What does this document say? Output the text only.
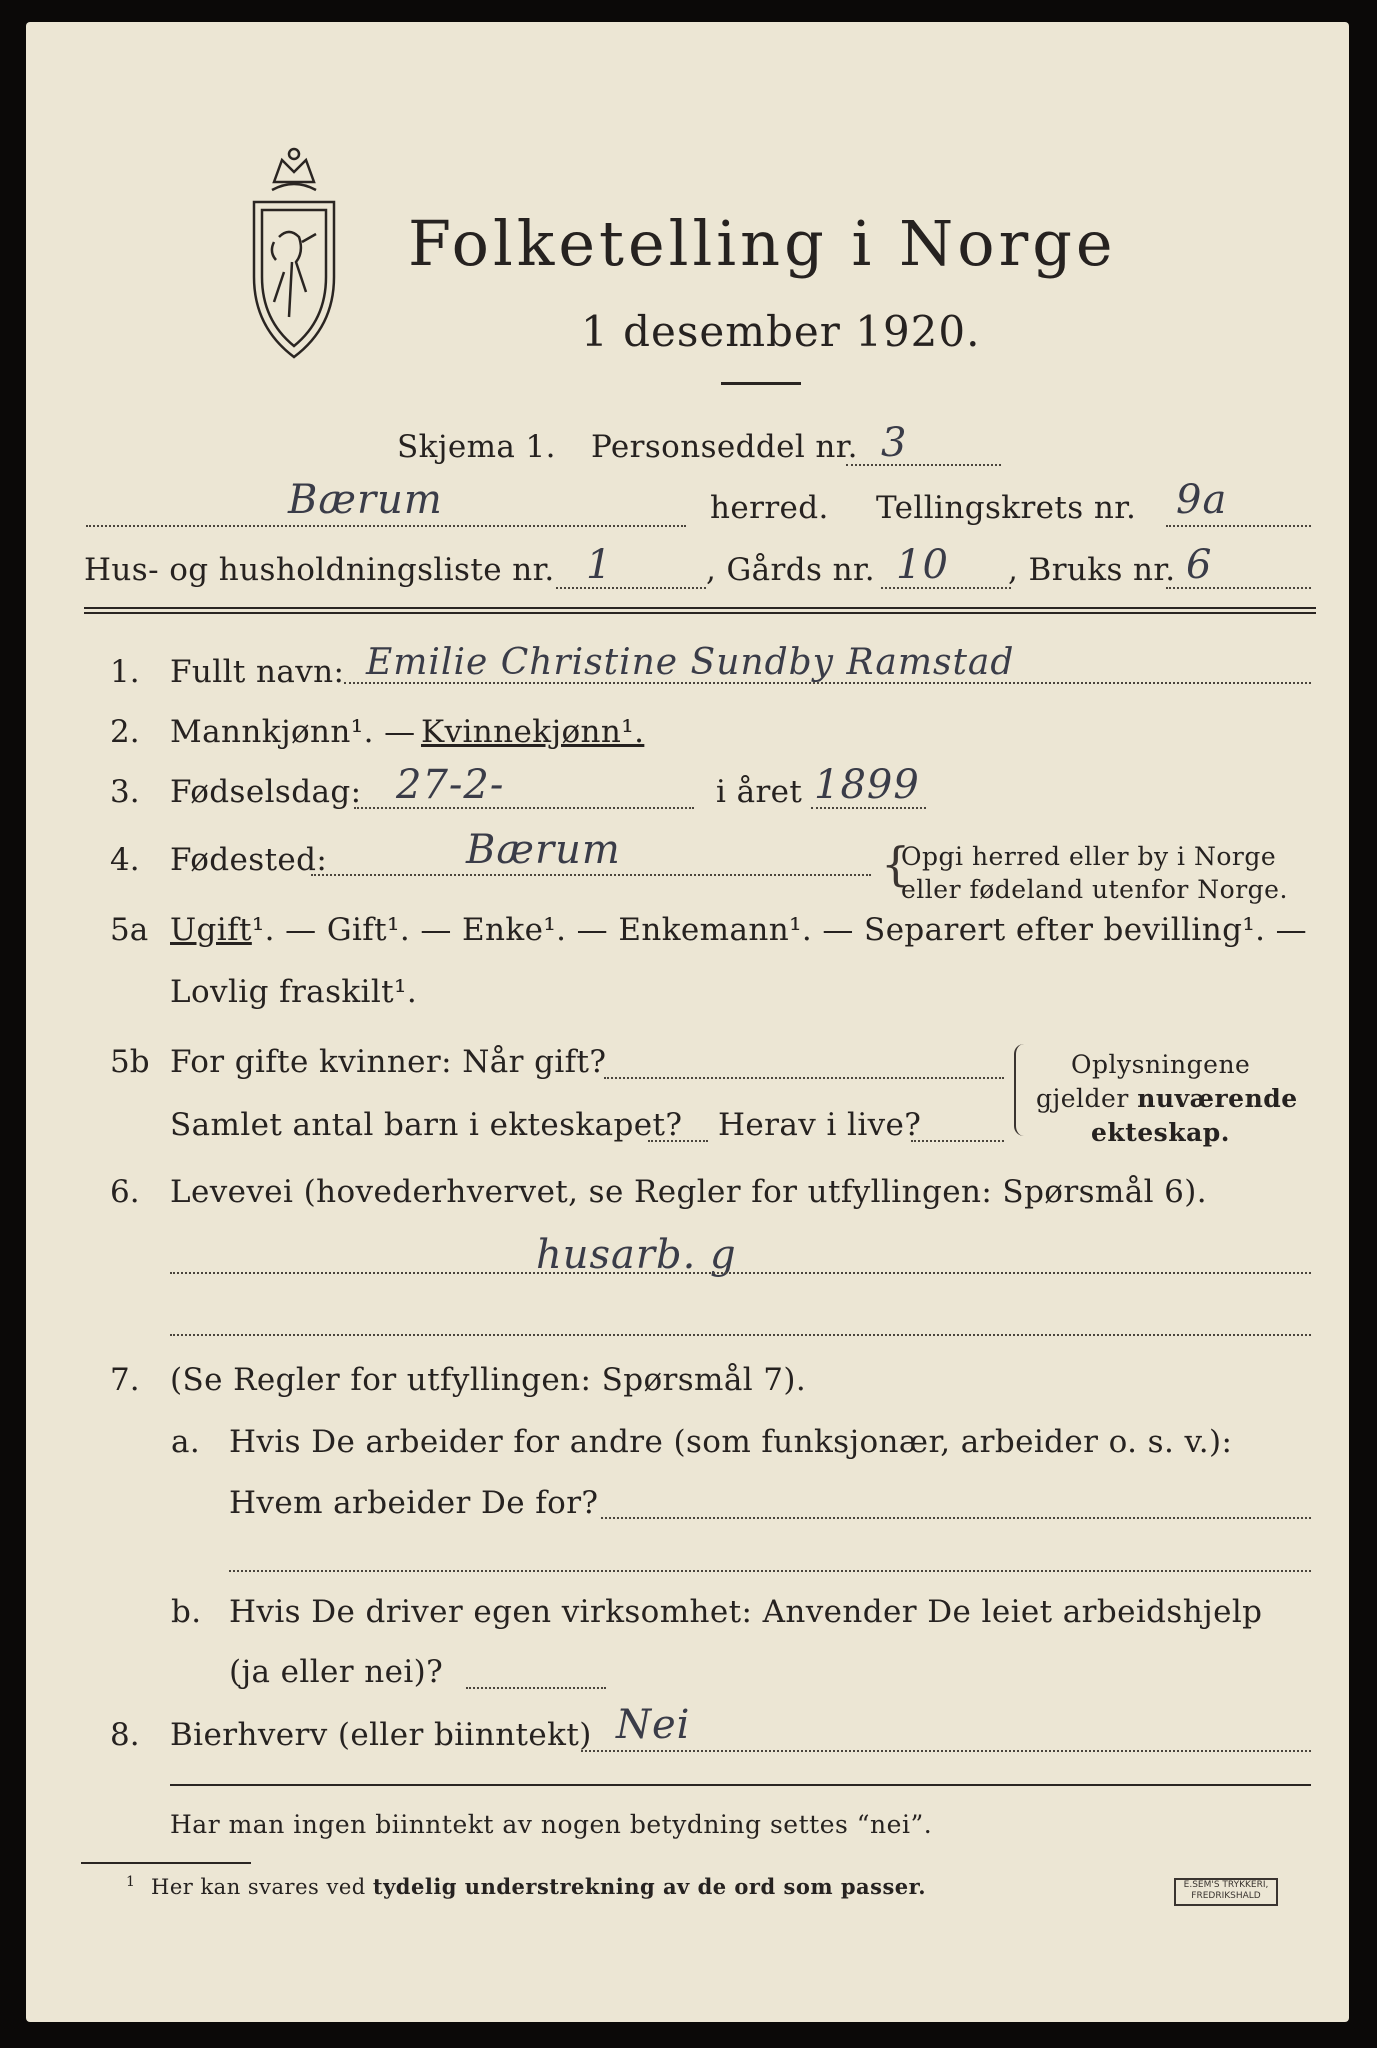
Folketelling i Norge
1 desember 1920.
Skjema 1. Personseddel nr. 3
Bærum	herred. Tellingskrets nr. 9a
Hus- og husholdningsliste nr. 1	, Gårds nr. 10 , Bruks nr. 6
1. Fullt navn: Emilie Christine Sundby Ramstad
2. Mannkjønn¹. — Kvinnekjønn¹.
3. Fødselsdag: 27-2-	i året 1899
4. Fødested:	Bærum	{
Opgi herred eller by i Norge
eller fødeland utenfor Norge.
5a Ugift¹. — Gift¹. — Enke¹. — Enkemann¹. — Separert efter bevilling¹. —
Lovlig fraskilt¹.
5b For gifte kvinner: Når gift?
Samlet antal barn i ekteskapet? Herav i live?
Oplysningene
gjelder nuværende
ekteskap.
6. Levevei (hovederhvervet, se Regler for utfyllingen: Spørsmål 6).
husarb. g
7. (Se Regler for utfyllingen: Spørsmål 7).
a. Hvis De arbeider for andre (som funksjonær, arbeider o. s. v.):
Hvem arbeider De for?
b. Hvis De driver egen virksomhet: Anvender De leiet arbeidshjelp
(ja eller nei)?
8. Bierhverv (eller biinntekt) Nei
Har man ingen biinntekt av nogen betydning settes “nei”.
1 Her kan svares ved tydelig understrekning av de ord som passer.	E.SEM'S TRYKKERI, FREDRIKSHALD
